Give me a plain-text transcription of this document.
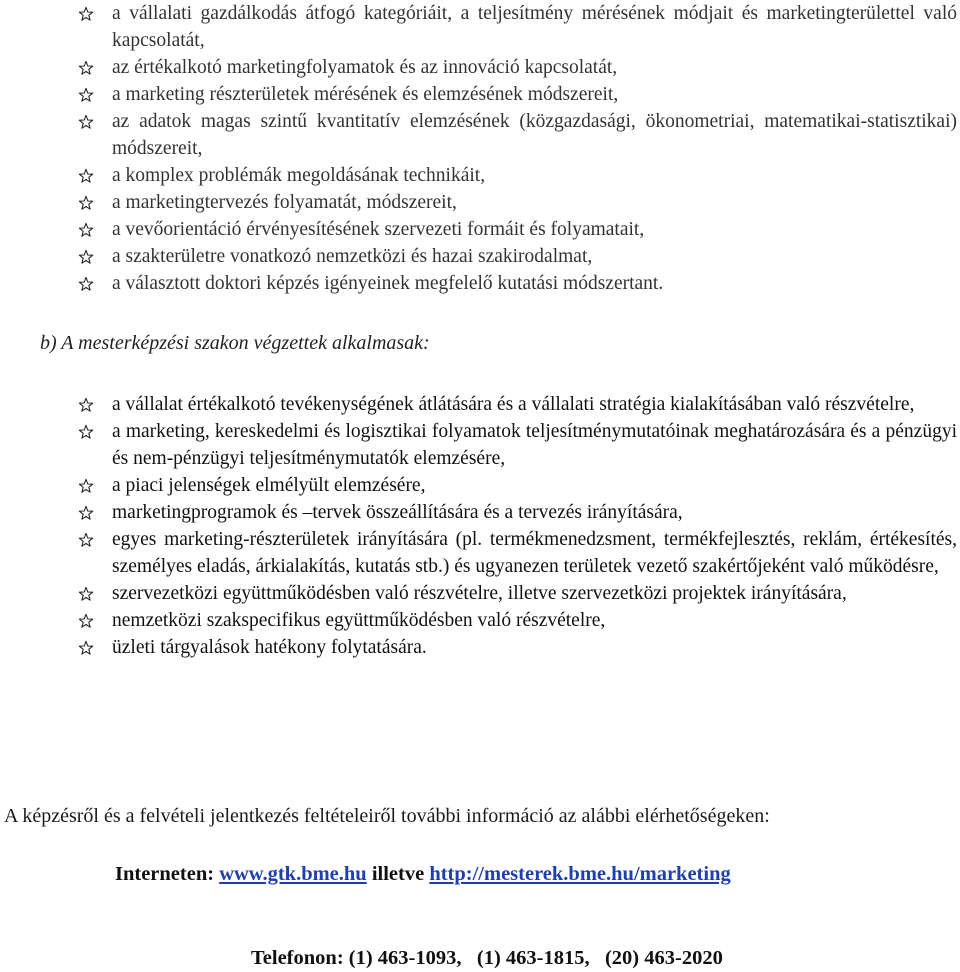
a vállalati gazdálkodás átfogó kategóriáit, a teljesítmény mérésének módjait és marketingterülettel való kapcsolatát,
az értékalkotó marketingfolyamatok és az innováció kapcsolatát,
a marketing részterületek mérésének és elemzésének módszereit,
az adatok magas szintű kvantitatív elemzésének (közgazdasági, ökonometriai, matematikai-statisztikai) módszereit,
a komplex problémák megoldásának technikáit,
a marketingtervezés folyamatát, módszereit,
a vevőorientáció érvényesítésének szervezeti formáit és folyamatait,
a szakterületre vonatkozó nemzetközi és hazai szakirodalmat,
a választott doktori képzés igényeinek megfelelő kutatási módszertant.
b) A mesterképzési szakon végzettek alkalmasak:
a vállalat értékalkotó tevékenységének átlátására és a vállalati stratégia kialakításában való részvételre,
a marketing, kereskedelmi és logisztikai folyamatok teljesítménymutatóinak meghatározására és a pénzügyi és nem-pénzügyi teljesítménymutatók elemzésére,
a piaci jelenségek elmélyült elemzésére,
marketingprogramok és –tervek összeállítására és a tervezés irányítására,
egyes marketing-részterületek irányítására (pl. termékmenedzsment, termékfejlesztés, reklám, értékesítés, személyes eladás, árkialakítás, kutatás stb.) és ugyanezen területek vezető szakértőjeként való működésre,
szervezetközi együttműködésben való részvételre, illetve szervezetközi projektek irányítására,
nemzetközi szakspecifikus együttműködésben való részvételre,
üzleti tárgyalások hatékony folytatására.

A képzésről és a felvételi jelentkezés feltételeiről további információ az alábbi elérhetőségeken:

Interneten: www.gtk.bme.hu illetve http://mesterek.bme.hu/marketing

Telefonon: (1) 463-1093,   (1) 463-1815,   (20) 463-2020
